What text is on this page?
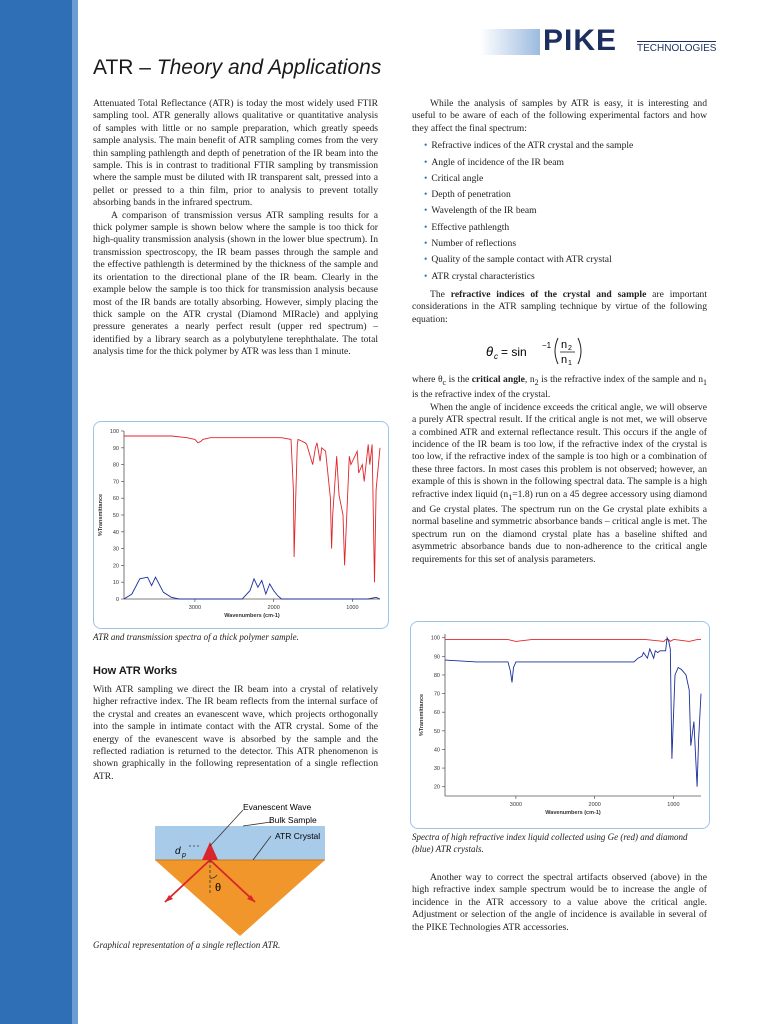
PIKE TECHNOLOGIES
ATR – Theory and Applications

Attenuated Total Reflectance (ATR) is today the most widely used FTIR sampling tool. ATR generally allows qualitative or quantitative analysis of samples with little or no sample preparation, which greatly speeds sample analysis. The main benefit of ATR sampling comes from the very thin sampling pathlength and depth of penetration of the IR beam into the sample. This is in contrast to traditional FTIR sampling by transmission where the sample must be diluted with IR transparent salt, pressed into a pellet or pressed to a thin film, prior to analysis to prevent totally absorbing bands in the infrared spectrum.

A comparison of transmission versus ATR sampling results for a thick polymer sample is shown below where the sample is too thick for high-quality transmission analysis (shown in the lower blue spectrum). In transmission spectroscopy, the IR beam passes through the sample and the effective pathlength is determined by the thickness of the sample and its orientation to the directional plane of the IR beam. Clearly in the example below the sample is too thick for transmission analysis because most of the IR bands are totally absorbing. However, simply placing the thick sample on the ATR crystal (Diamond MIRacle) and applying pressure generates a nearly perfect result (upper red spectrum) – identified by a library search as a polybutylene terephthalate. The total analysis time for the thick polymer by ATR was less than 1 minute.

While the analysis of samples by ATR is easy, it is interesting and useful to be aware of each of the following experimental factors and how they affect the final spectrum:

• Refractive indices of the ATR crystal and the sample
• Angle of incidence of the IR beam
• Critical angle
• Depth of penetration
• Wavelength of the IR beam
• Effective pathlength
• Number of reflections
• Quality of the sample contact with ATR crystal
• ATR crystal characteristics

The refractive indices of the crystal and sample are important considerations in the ATR sampling technique by virtue of the following equation:

θ c = sin −1 n 2
n 1

where $\theta_c$ is the critical angle, $n_2$ is the refractive index of the sample and $n_1$ is the refractive index of the crystal.

When the angle of incidence exceeds the critical angle, we will observe a purely ATR spectral result. If the critical angle is not met, we will observe a combined ATR and external reflectance result. This occurs if the angle of incidence of the IR beam is too low, if the refractive index of the crystal is too low, if the refractive index of the sample is too high or a combination of these three factors. In most cases this problem is not observed; however, an example of this is shown in the following spectral data. The sample is a high refractive index liquid $(n_1=1.8)$ run on a 45 degree accessory using diamond and Ge crystal plates. The spectrum run on the Ge crystal plate exhibits a normal baseline and symmetric absorbance bands – critical angle is met. The spectrum run on the diamond crystal plate has a baseline shifted and asymmetric absorbance bands due to non-adherence to the critical angle requirements for this set of analysis parameters.

0
10
20
30
40
50
60
70
80
90
100
3000	2000	1000
Wavenumbers (cm-1)
%Transmittance
ATR and transmission spectra of a thick polymer sample.
20
30
40
50
60
70
80
90
100
3000	2000	1000
Wavenumbers (cm-1)
%Transmittance
Spectra of high refractive index liquid collected using Ge (red) and diamond (blue) ATR crystals.
How ATR Works

With ATR sampling we direct the IR beam into a crystal of relatively higher refractive index. The IR beam reflects from the internal surface of the crystal and creates an evanescent wave, which projects orthogonally into the sample in intimate contact with the ATR crystal. Some of the energy of the evanescent wave is absorbed by the sample and the reflected radiation is returned to the detector. This ATR phenomenon is shown graphically in the following representation of a single reflection ATR.

Evanescent Wave
Bulk Sample
ATR Crystal
d p
θ
Graphical representation of a single reflection ATR.

Another way to correct the spectral artifacts observed (above) in the high refractive index sample spectrum would be to increase the angle of incidence in the ATR accessory to a value above the critical angle. Adjustment or selection of the angle of incidence is available in several of the PIKE Technologies ATR accessories.
